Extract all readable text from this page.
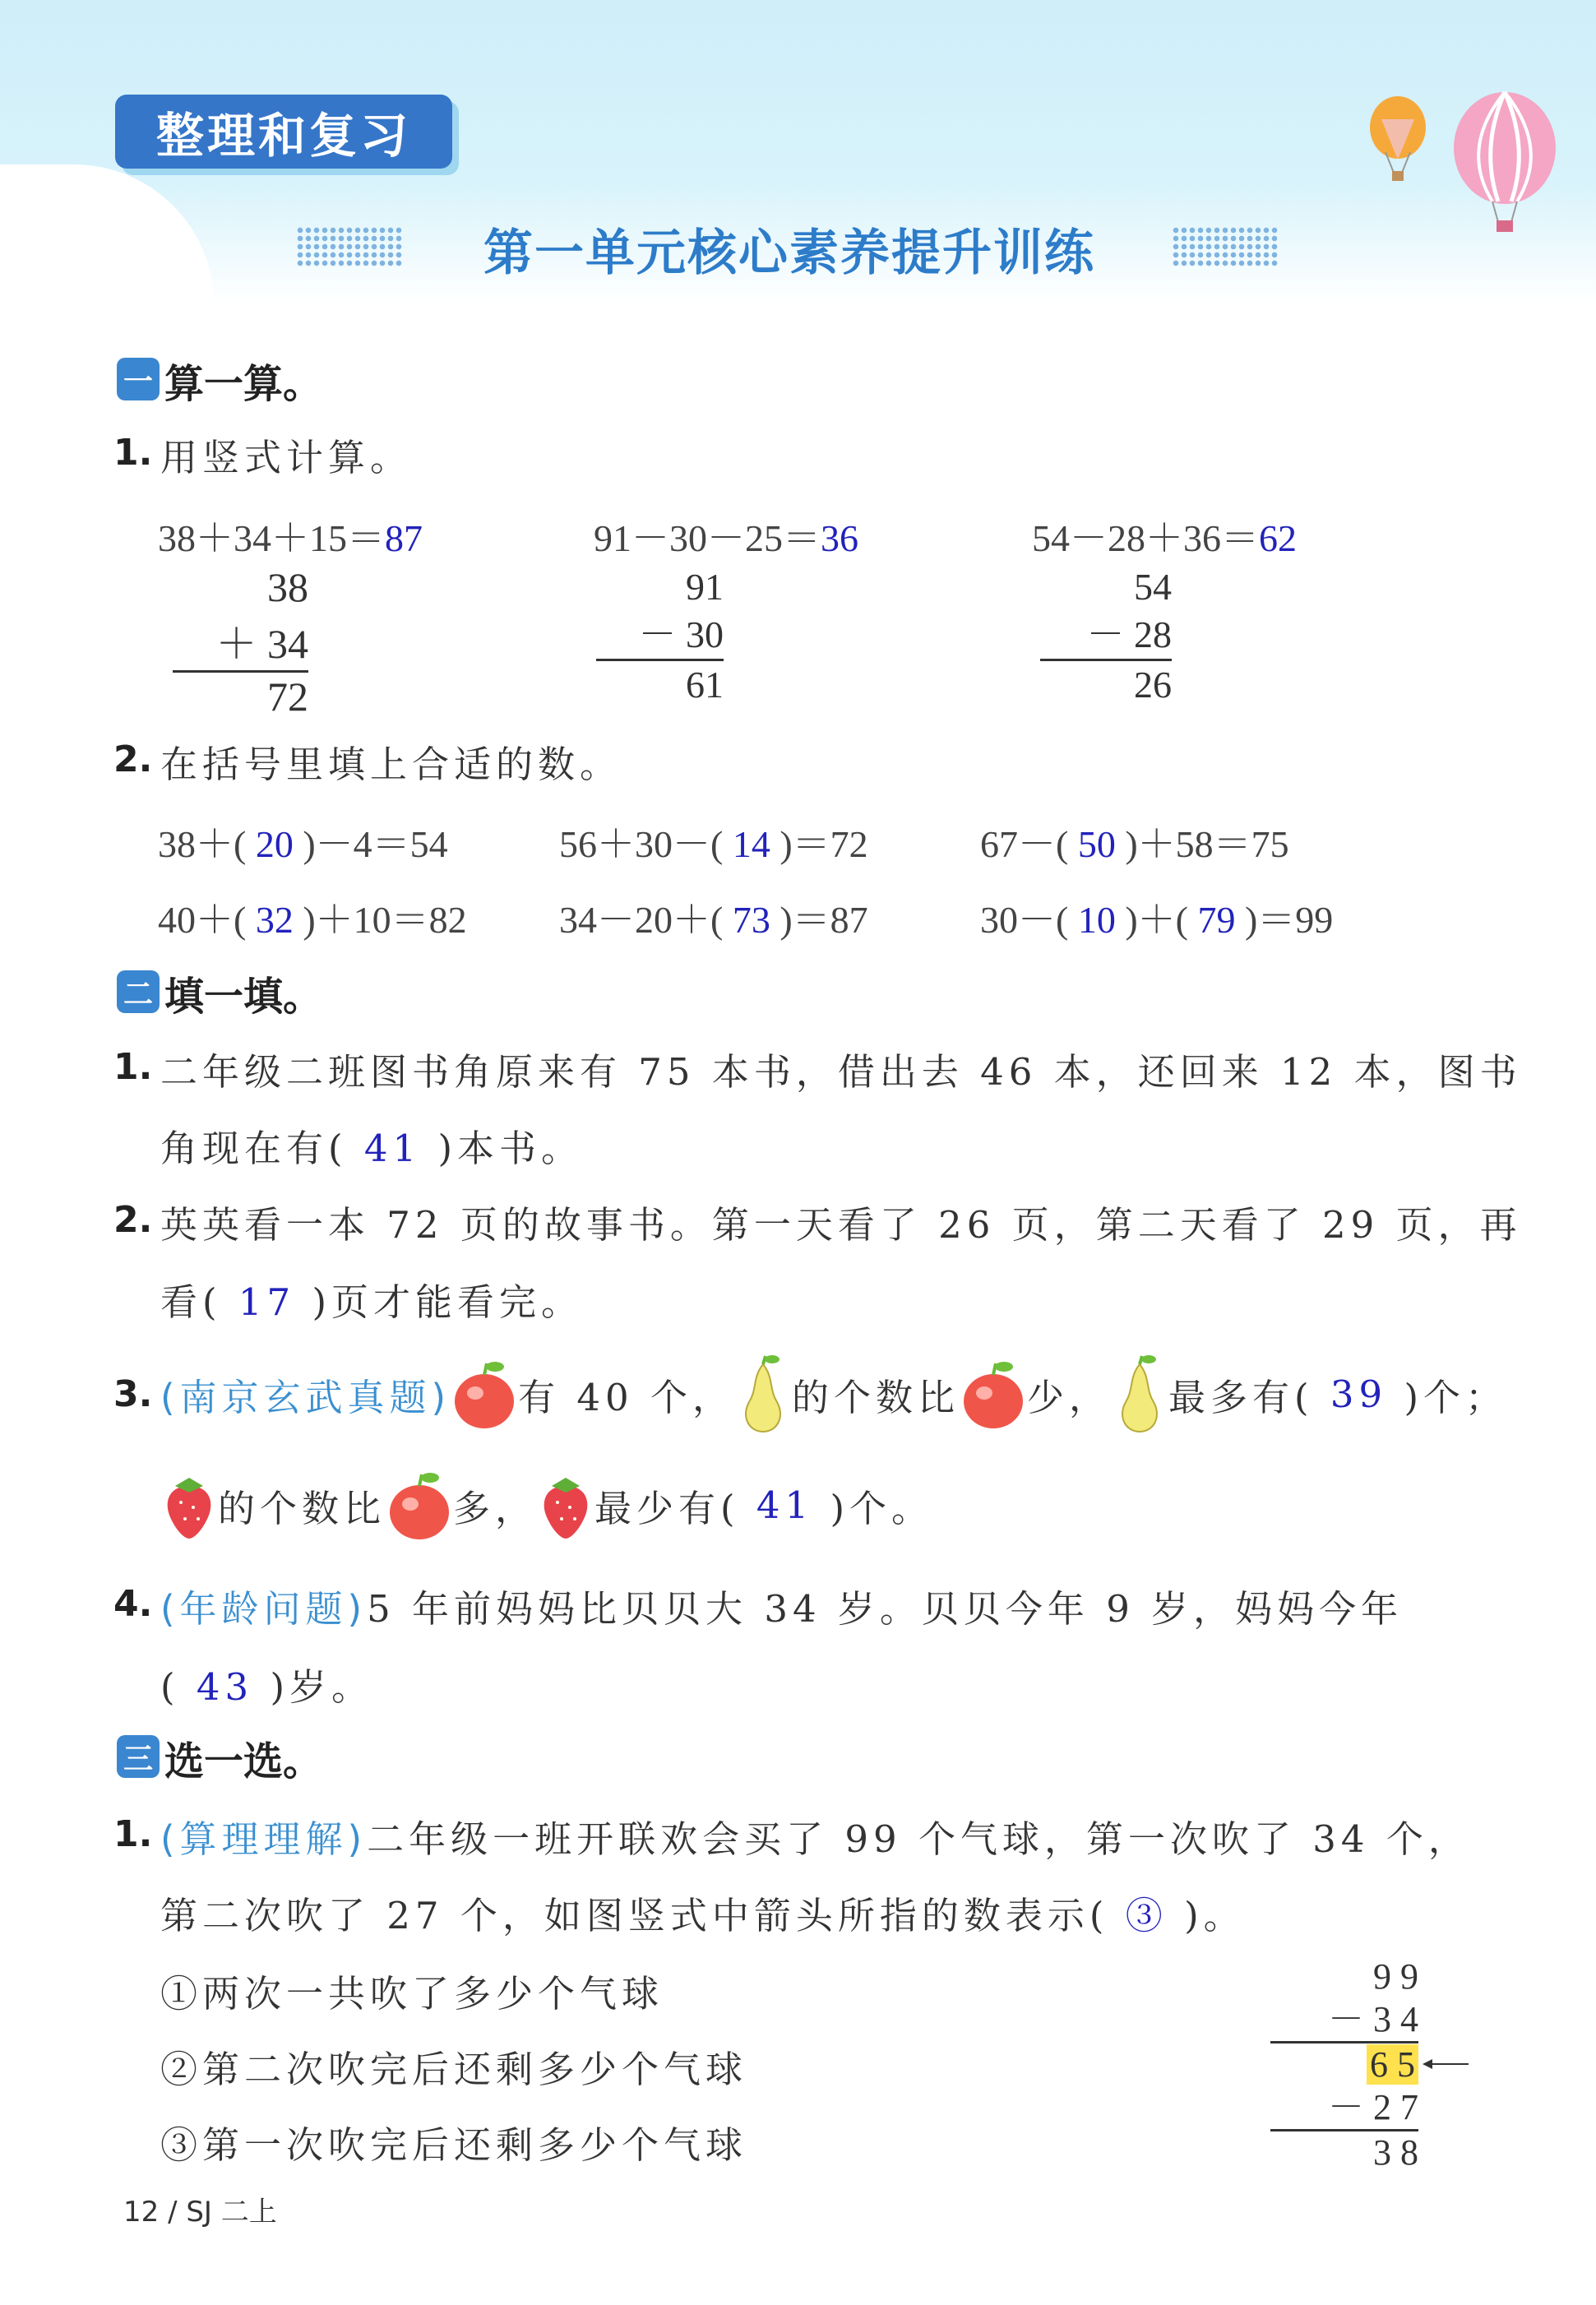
整理和复习
第一单元核心素养提升训练
一 算一算。
1. 用竖式计算。
38＋34＋15＝87
38
＋ 34
72
91－30－25＝36
91
－ 30
61
54－28＋36＝62
54
－ 28
26
2. 在括号里填上合适的数。
38＋( 20 )－4＝54	56＋30－( 14 )＝72	67－( 50 )＋58＝75
40＋( 32 )＋10＝82 34－20＋( 73 )＝87	30－( 10 )＋( 79 )＝99
二 填一填。
1. 二年级二班图书角原来有 75 本书，借出去 46 本，还回来 12 本，图书
角现在有( 41 )本书。
2. 英英看一本 72 页的故事书。第一天看了 26 页，第二天看了 29 页，再
看( 17 )页才能看完。
3. (南京玄武真题) 有 40 个， 的个数比 少， 最多有(
39
)个；
的个数比 多， 最少有(
41
)个。
4. (年龄问题)5 年前妈妈比贝贝大 34 岁。贝贝今年 9 岁，妈妈今年
( 43 )岁。
三 选一选。
1. (算理理解)二年级一班开联欢会买了 99 个气球，第一次吹了 34 个，
第二次吹了 27 个，如图竖式中箭头所指的数表示( ③ )。
①两次一共吹了多少个气球
②第二次吹完后还剩多少个气球
③第一次吹完后还剩多少个气球
9 9
－ 3 4
6 5
－ 2 7
3 8
12 / SJ 二上
